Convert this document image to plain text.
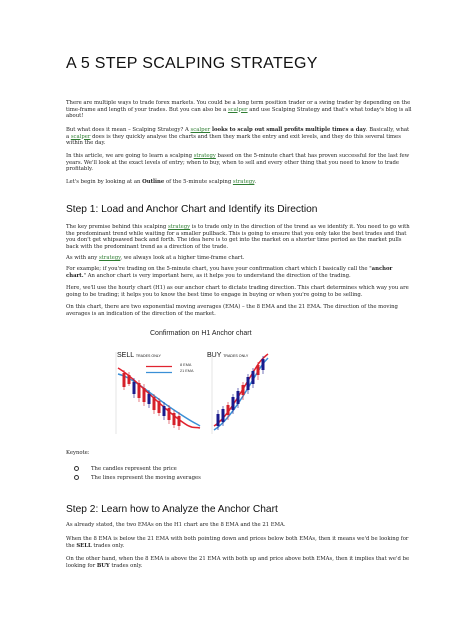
A 5 STEP SCALPING STRATEGY

There are multiple ways to trade forex markets. You could be a long term position trader or a swing trader by depending on the time-frame and length of your trades. But you can also be a scalper and use Scalping Strategy and that's what today's blog is all about!

But what does it mean – Scalping Strategy? A scalper looks to scalp out small profits multiple times a day. Basically, what a scalper does is they quickly analyse the charts and then they mark the entry and exit levels, and they do this several times within the day.

In this article, we are going to learn a scalping strategy based on the 5-minute chart that has proven successful for the last few years. We'll look at the exact levels of entry; when to buy, when to sell and every other thing that you need to know to trade profitably.

Let's begin by looking at an Outline of the 5-minute scalping strategy.

Step 1: Load and Anchor Chart and Identify its Direction

The key premise behind this scalping strategy is to trade only in the direction of the trend as we identify it. You need to go with the predominant trend while waiting for a smaller pullback. This is going to ensure that you only take the best trades and that you don't get whipsawed back and forth. The idea here is to get into the market on a shorter time period as the market pulls back with the predominant trend as a direction of the trade.

As with any strategy, we always look at a higher time-frame chart.

For example; if you're trading on the 5-minute chart, you have your confirmation chart which I basically call the "anchor chart." An anchor chart is very important here, as it helps you to understand the direction of the trading.

Here, we'll use the hourly chart (H1) as our anchor chart to dictate trading direction. This chart determines which way you are going to be trading; it helps you to know the best time to engage in buying or when you're going to be selling.

On this chart, there are two exponential moving averages (EMA) – the 8 EMA and the 21 EMA. The direction of the moving averages is an indication of the direction of the market.

Confirmation on H1 Anchor chart
SELL TRADES ONLY
8 EMA
21 EMA
BUY TRADES ONLY
Keynote:
The candles represent the price
The lines represent the moving averages
Step 2: Learn how to Analyze the Anchor Chart

As already stated, the two EMAs on the H1 chart are the 8 EMA and the 21 EMA.

When the 8 EMA is below the 21 EMA with both pointing down and prices below both EMAs, then it means we'd be looking for the SELL trades only.

On the other hand, when the 8 EMA is above the 21 EMA with both up and price above both EMAs, then it implies that we'd be looking for BUY trades only.
